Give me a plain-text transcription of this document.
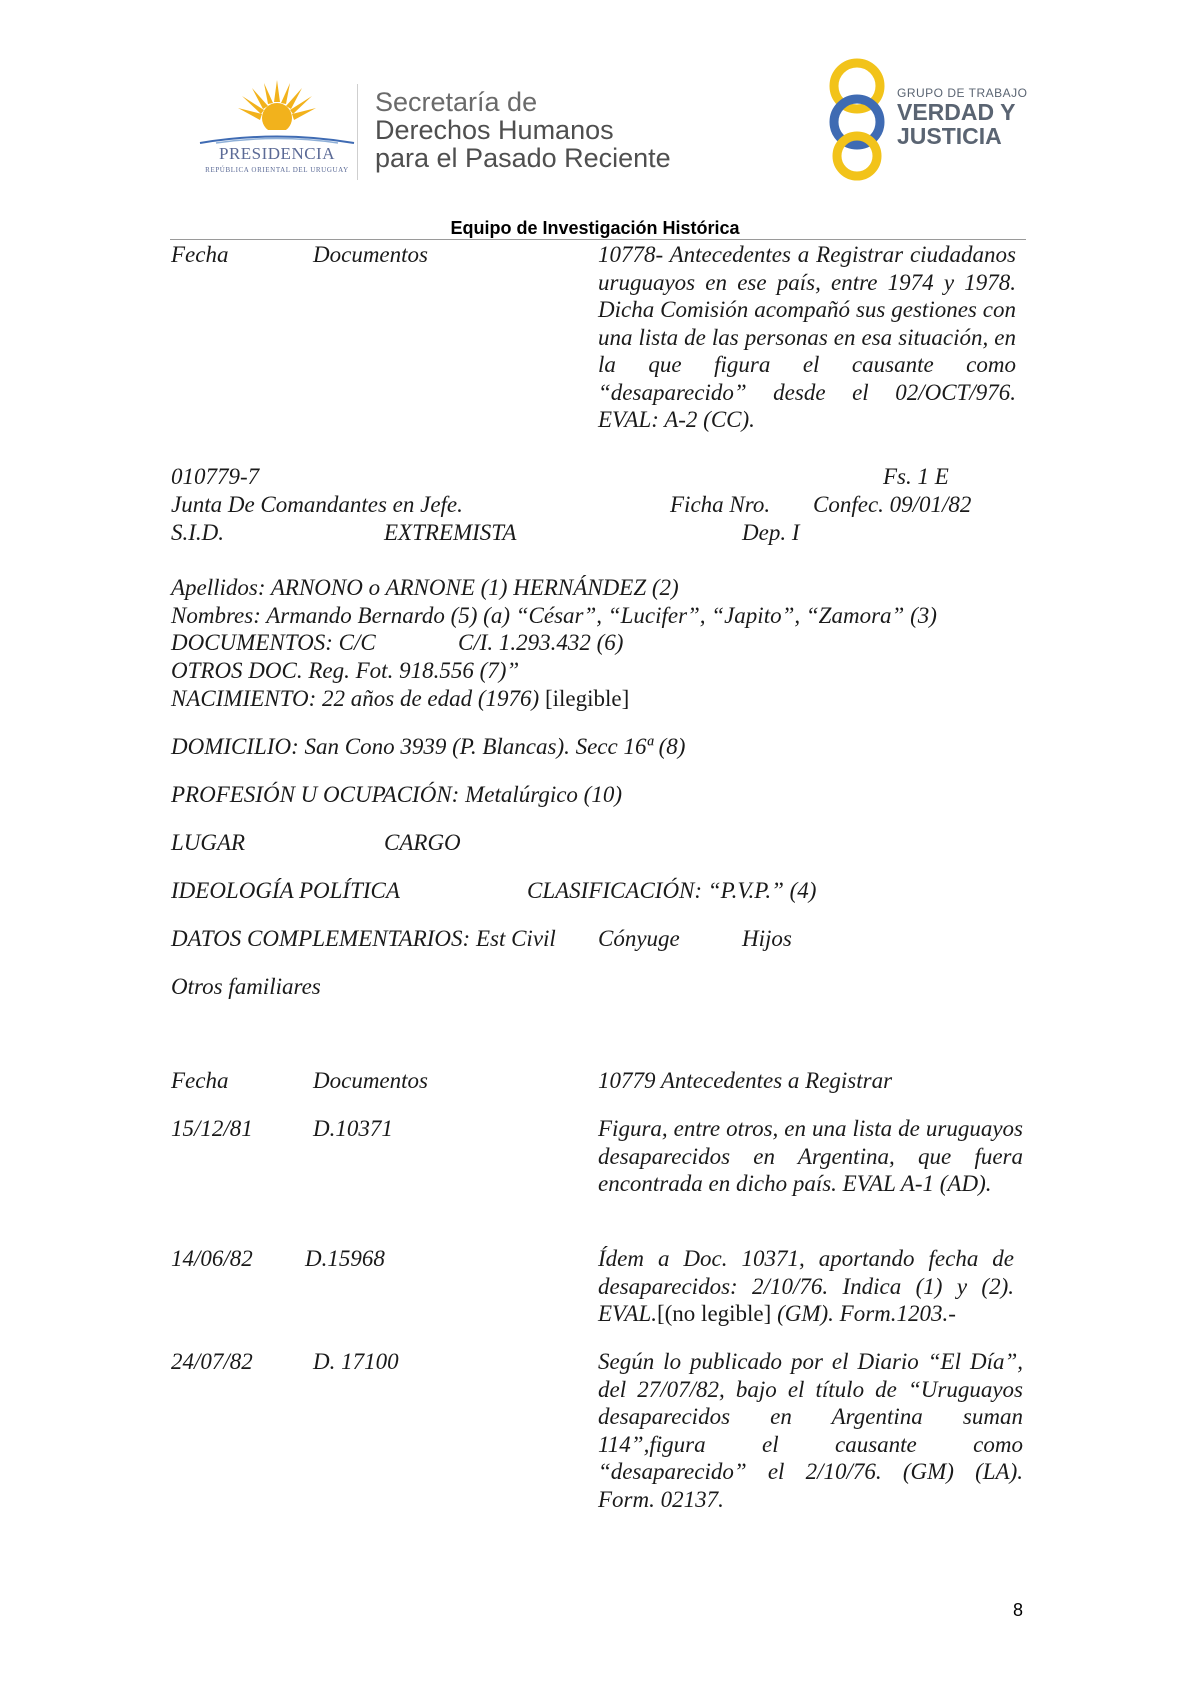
PRESIDENCIA
REPÚBLICA ORIENTAL DEL URUGUAY
Secretaría de
Derechos Humanos
para el Pasado Reciente
GRUPO DE TRABAJO
VERDAD Y
JUSTICIA
Equipo de Investigación Histórica
Fecha	Documentos	10778- Antecedentes a Registrar ciudadanos uruguayos en ese país, entre 1974 y 1978. Dicha Comisión acompañó sus gestiones con una lista de las personas en esa situación, en la que figura el causante como “desaparecido” desde el 02/OCT/976. EVAL: A-2 (CC).
010779-7	Fs. 1 E
Junta De Comandantes en Jefe.	Ficha Nro. Confec. 09/01/82
S.I.D.	EXTREMISTA	Dep. I
Apellidos: ARNONO o ARNONE (1) HERNÁNDEZ (2)
Nombres: Armando Bernardo (5) (a) “César”, “Lucifer”, “Japito”, “Zamora” (3)
DOCUMENTOS: C/C	C/I. 1.293.432 (6)
OTROS DOC. Reg. Fot. 918.556 (7)”
NACIMIENTO: 22 años de edad (1976) [ilegible]
DOMICILIO: San Cono 3939 (P. Blancas). Secc 16ª (8)
PROFESIÓN U OCUPACIÓN: Metalúrgico (10)
LUGAR	CARGO
IDEOLOGÍA POLÍTICA	CLASIFICACIÓN: “P.V.P.” (4)
DATOS COMPLEMENTARIOS: Est Civil Cónyuge	Hijos
Otros familiares
Fecha	Documentos	10779 Antecedentes a Registrar
15/12/81	D.10371	Figura, entre otros, en una lista de uruguayos desaparecidos en Argentina, que fuera encontrada en dicho país. EVAL A-1 (AD).
14/06/82 D.15968	Ídem a Doc. 10371, aportando fecha de desaparecidos: 2/10/76. Indica (1) y (2). EVAL.[(no legible] (GM). Form.1203.-
24/07/82	D. 17100	Según lo publicado por el Diario “El Día”, del 27/07/82, bajo el título de “Uruguayos desaparecidos en Argentina suman 114”,figura el causante como “desaparecido” el 2/10/76. (GM) (LA). Form. 02137.
8
